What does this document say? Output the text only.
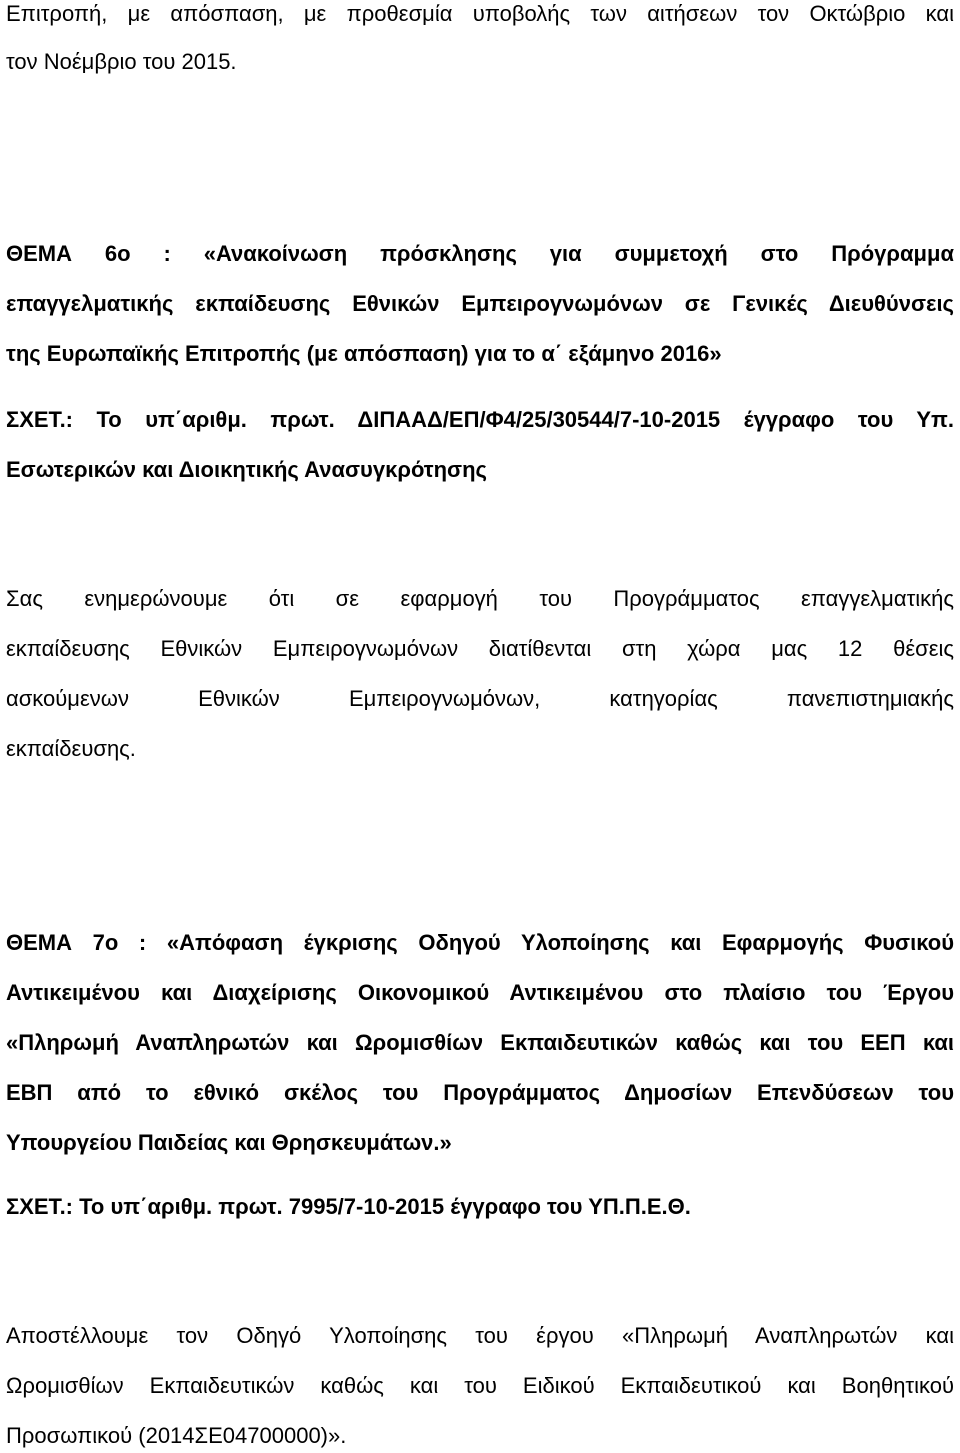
Επιτροπή, με απόσπαση, με προθεσμία υποβολής των αιτήσεων τον Οκτώβριο και
τον Νοέμβριο του 2015.
ΘΕΜΑ 6ο : «Ανακοίνωση πρόσκλησης για συμμετοχή στο Πρόγραμμα
επαγγελματικής εκπαίδευσης Εθνικών Εμπειρογνωμόνων σε Γενικές Διευθύνσεις
της Ευρωπαϊκής Επιτροπής (με απόσπαση) για το α΄ εξάμηνο 2016»
ΣΧΕΤ.: Το υπ΄αριθμ. πρωτ. ΔΙΠΑΑΔ/ΕΠ/Φ4/25/30544/7-10-2015 έγγραφο του Υπ.
Εσωτερικών και Διοικητικής Ανασυγκρότησης
Σας ενημερώνουμε ότι σε εφαρμογή του Προγράμματος επαγγελματικής
εκπαίδευσης Εθνικών Εμπειρογνωμόνων διατίθενται στη χώρα μας 12 θέσεις
ασκούμενων Εθνικών Εμπειρογνωμόνων, κατηγορίας πανεπιστημιακής
εκπαίδευσης.
ΘΕΜΑ 7ο : «Απόφαση έγκρισης Οδηγού Υλοποίησης και Εφαρμογής Φυσικού
Αντικειμένου και Διαχείρισης Οικονομικού Αντικειμένου στο πλαίσιο του Έργου
«Πληρωμή Αναπληρωτών και Ωρομισθίων Εκπαιδευτικών καθώς και του ΕΕΠ και
ΕΒΠ από το εθνικό σκέλος του Προγράμματος Δημοσίων Επενδύσεων του
Υπουργείου Παιδείας και Θρησκευμάτων.»
ΣΧΕΤ.: Το υπ΄αριθμ. πρωτ. 7995/7-10-2015 έγγραφο του ΥΠ.Π.Ε.Θ.
Αποστέλλουμε τον Οδηγό Υλοποίησης του έργου «Πληρωμή Αναπληρωτών και
Ωρομισθίων Εκπαιδευτικών καθώς και του Ειδικού Εκπαιδευτικού και Βοηθητικού
Προσωπικού (2014ΣΕ04700000)».
